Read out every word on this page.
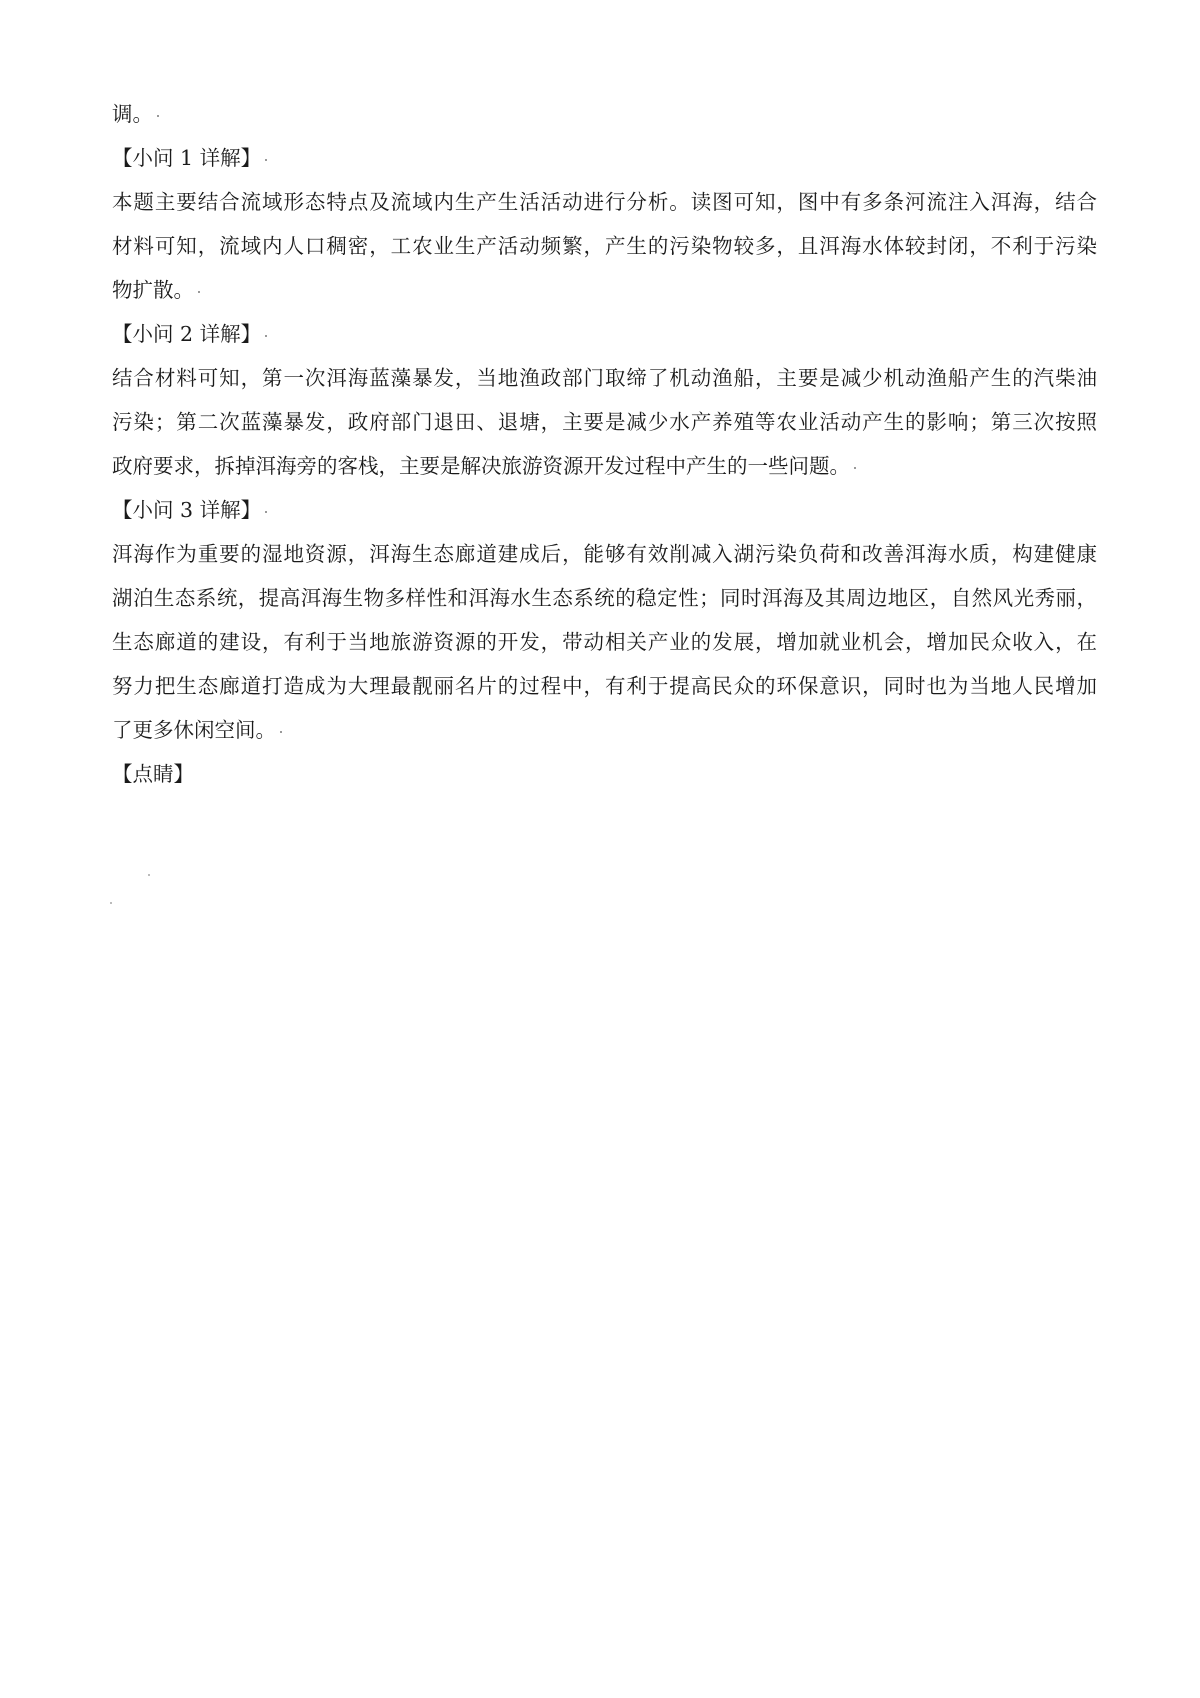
调。
【小问 1 详解】
本题主要结合流域形态特点及流域内生产生活活动进行分析。读图可知，图中有多条河流注入洱海，结合
材料可知，流域内人口稠密，工农业生产活动频繁，产生的污染物较多，且洱海水体较封闭，不利于污染
物扩散。
【小问 2 详解】
结合材料可知，第一次洱海蓝藻暴发，当地渔政部门取缔了机动渔船，主要是减少机动渔船产生的汽柴油
污染；第二次蓝藻暴发，政府部门退田、退塘，主要是减少水产养殖等农业活动产生的影响；第三次按照
政府要求，拆掉洱海旁的客栈，主要是解决旅游资源开发过程中产生的一些问题。
【小问 3 详解】
洱海作为重要的湿地资源，洱海生态廊道建成后，能够有效削减入湖污染负荷和改善洱海水质，构建健康
湖泊生态系统，提高洱海生物多样性和洱海水生态系统的稳定性；同时洱海及其周边地区，自然风光秀丽，
生态廊道的建设，有利于当地旅游资源的开发，带动相关产业的发展，增加就业机会，增加民众收入，在
努力把生态廊道打造成为大理最靓丽名片的过程中，有利于提高民众的环保意识，同时也为当地人民增加
了更多休闲空间。
【点睛】
